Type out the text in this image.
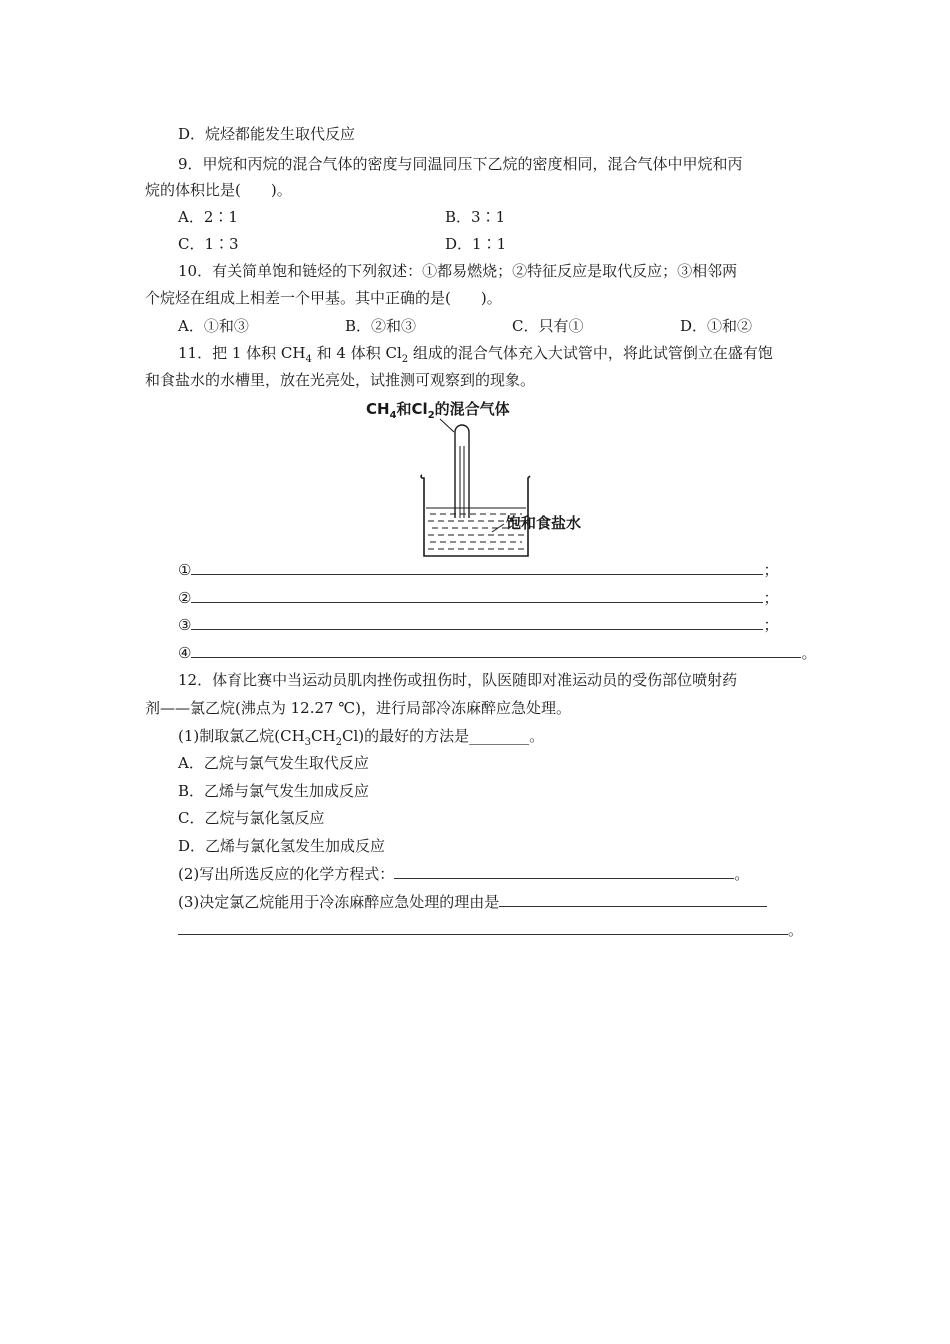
D．烷烃都能发生取代反应
9．甲烷和丙烷的混合气体的密度与同温同压下乙烷的密度相同，混合气体中甲烷和丙
烷的体积比是(　　)。
A．2∶1	B．3∶1
C．1∶3	D．1∶1
10．有关简单饱和链烃的下列叙述：①都易燃烧；②特征反应是取代反应；③相邻两
个烷烃在组成上相差一个甲基。其中正确的是(　　)。
A．①和③	B．②和③	C．只有①	D．①和②
11．把 1 体积 $CH_4$ 和 4 体积 $Cl_2$ 组成的混合气体充入大试管中，将此试管倒立在盛有饱
和食盐水的水槽里，放在光亮处，试推测可观察到的现象。
$CH_4$和$Cl_2$的混合气体
饱和食盐水
①	；
②	；
③	；
④	。
12．体育比赛中当运动员肌肉挫伤或扭伤时，队医随即对准运动员的受伤部位喷射药
剂——氯乙烷(沸点为 12.27 ℃)，进行局部冷冻麻醉应急处理。
(1)制取氯乙烷$(CH_3CH_2Cl)$的最好的方法是________。
A．乙烷与氯气发生取代反应
B．乙烯与氯气发生加成反应
C．乙烷与氯化氢反应
D．乙烯与氯化氢发生加成反应
(2)写出所选反应的化学方程式：	。
(3)决定氯乙烷能用于冷冻麻醉应急处理的理由是
。
